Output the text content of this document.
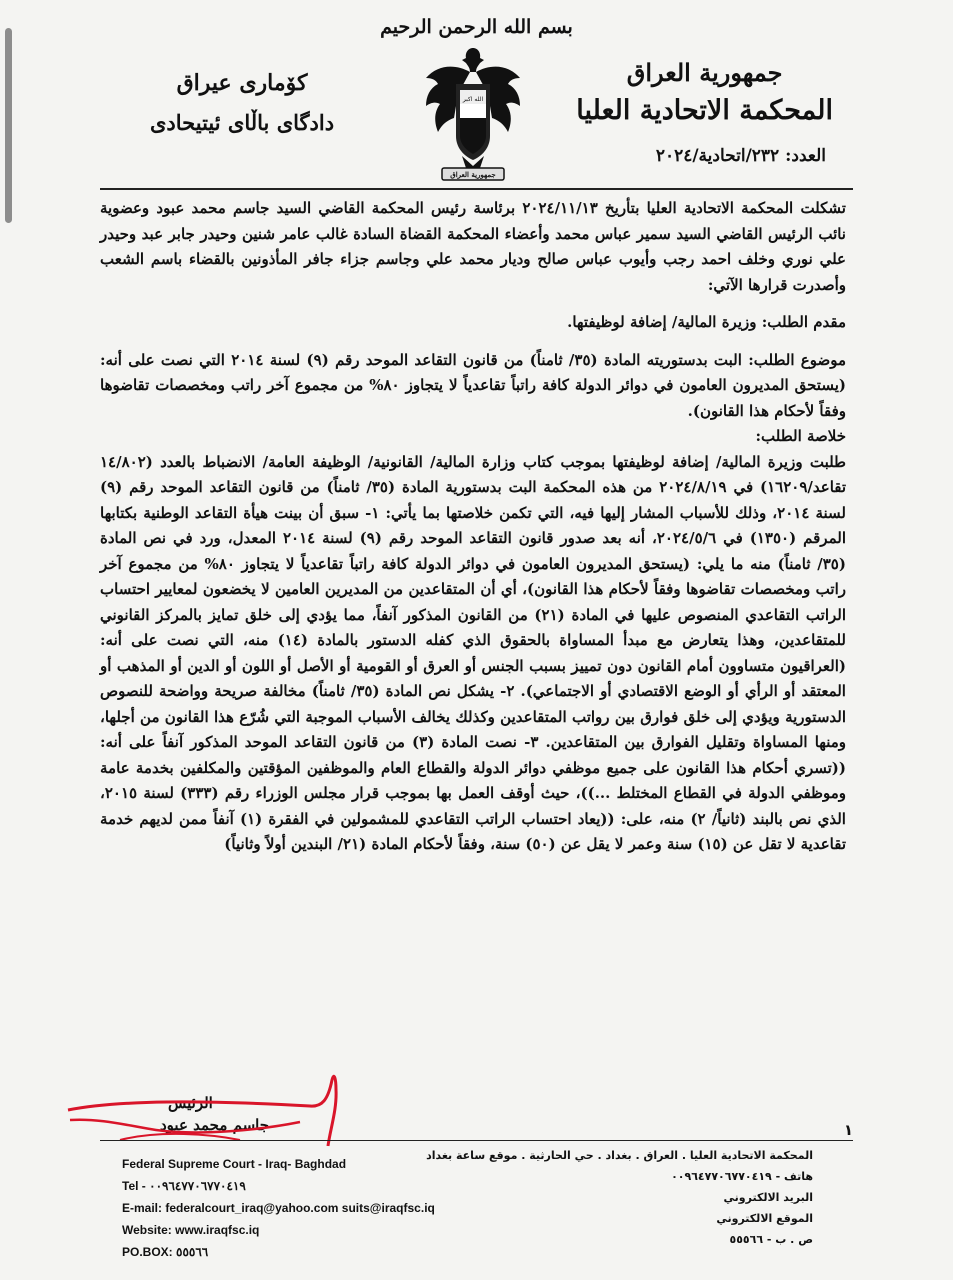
بسم الله الرحمن الرحيم
جمهورية العراق
المحكمة الاتحادية العليا
العدد: ٢٣٢/اتحادية/٢٠٢٤
كۆماری عیراق
دادگای باڵای ئیتیحادی
الله اكبر
جمهورية العراق

تشكلت المحكمة الاتحادية العليا بتأريخ ٢٠٢٤/١١/١٣ برئاسة رئيس المحكمة القاضي السيد جاسم محمد عبود وعضوية نائب الرئيس القاضي السيد سمير عباس محمد وأعضاء المحكمة القضاة السادة غالب عامر شنين وحيدر جابر عبد وحيدر علي نوري وخلف احمد رجب وأيوب عباس صالح وديار محمد علي وجاسم جزاء جافر المأذونين بالقضاء باسم الشعب وأصدرت قرارها الآتي:

مقدم الطلب: وزيرة المالية/ إضافة لوظيفتها.

موضوع الطلب: البت بدستوريته المادة (٣٥/ ثامناً) من قانون التقاعد الموحد رقم (٩) لسنة ٢٠١٤ التي نصت على أنه: (يستحق المديرون العامون في دوائر الدولة كافة راتباً تقاعدياً لا يتجاوز ٨٠% من مجموع آخر راتب ومخصصات تقاضوها وفقاً لأحكام هذا القانون).

خلاصة الطلب:

طلبت وزيرة المالية/ إضافة لوظيفتها بموجب كتاب وزارة المالية/ القانونية/ الوظيفة العامة/ الانضباط بالعدد (١٤/٨٠٢ تقاعد/١٦٢٠٩) في ٢٠٢٤/٨/١٩ من هذه المحكمة البت بدستورية المادة (٣٥/ ثامناً) من قانون التقاعد الموحد رقم (٩) لسنة ٢٠١٤، وذلك للأسباب المشار إليها فيه، التي تكمن خلاصتها بما يأتي: ١- سبق أن بينت هيأة التقاعد الوطنية بكتابها المرقم (١٣٥٠) في ٢٠٢٤/٥/٦، أنه بعد صدور قانون التقاعد الموحد رقم (٩) لسنة ٢٠١٤ المعدل، ورد في نص المادة (٣٥/ ثامناً) منه ما يلي: (يستحق المديرون العامون في دوائر الدولة كافة راتباً تقاعدياً لا يتجاوز ٨٠% من مجموع آخر راتب ومخصصات تقاضوها وفقاً لأحكام هذا القانون)، أي أن المتقاعدين من المديرين العامين لا يخضعون لمعايير احتساب الراتب التقاعدي المنصوص عليها في المادة (٢١) من القانون المذكور آنفاً، مما يؤدي إلى خلق تمايز بالمركز القانوني للمتقاعدين، وهذا يتعارض مع مبدأ المساواة بالحقوق الذي كفله الدستور بالمادة (١٤) منه، التي نصت على أنه: (العراقيون متساوون أمام القانون دون تمييز بسبب الجنس أو العرق أو القومية أو الأصل أو اللون أو الدين أو المذهب أو المعتقد أو الرأي أو الوضع الاقتصادي أو الاجتماعي). ٢- يشكل نص المادة (٣٥/ ثامناً) مخالفة صريحة وواضحة للنصوص الدستورية ويؤدي إلى خلق فوارق بين رواتب المتقاعدين وكذلك يخالف الأسباب الموجبة التي شُرّع هذا القانون من أجلها، ومنها المساواة وتقليل الفوارق بين المتقاعدين. ٣- نصت المادة (٣) من قانون التقاعد الموحد المذكور آنفاً على أنه: ((تسري أحكام هذا القانون على جميع موظفي دوائر الدولة والقطاع العام والموظفين المؤقتين والمكلفين بخدمة عامة وموظفي الدولة في القطاع المختلط ...))، حيث أوقف العمل بها بموجب قرار مجلس الوزراء رقم (٣٣٣) لسنة ٢٠١٥، الذي نص بالبند (ثانياً/ ٢) منه، على: ((يعاد احتساب الراتب التقاعدي للمشمولين في الفقرة (١) آنفاً ممن لديهم خدمة تقاعدية لا تقل عن (١٥) سنة وعمر لا يقل عن (٥٠) سنة، وفقاً لأحكام المادة (٢١/ البندين أولاً وثانياً)

الرئيس
جاسم محمد عبود	١
Federal Supreme Court - Iraq- Baghdad
Tel - ٠٠٩٦٤٧٧٠٦٧٧٠٤١٩
E-mail: federalcourt_iraq@yahoo.com suits@iraqfsc.iq
Website: www.iraqfsc.iq
PO.BOX: ٥٥٥٦٦
المحكمة الاتحادية العليا . العراق . بغداد . حي الحارثية . موقع ساعة بغداد
هاتف - ٠٠٩٦٤٧٧٠٦٧٧٠٤١٩
البريد الالكتروني
الموقع الالكتروني
ص . ب - ٥٥٥٦٦
